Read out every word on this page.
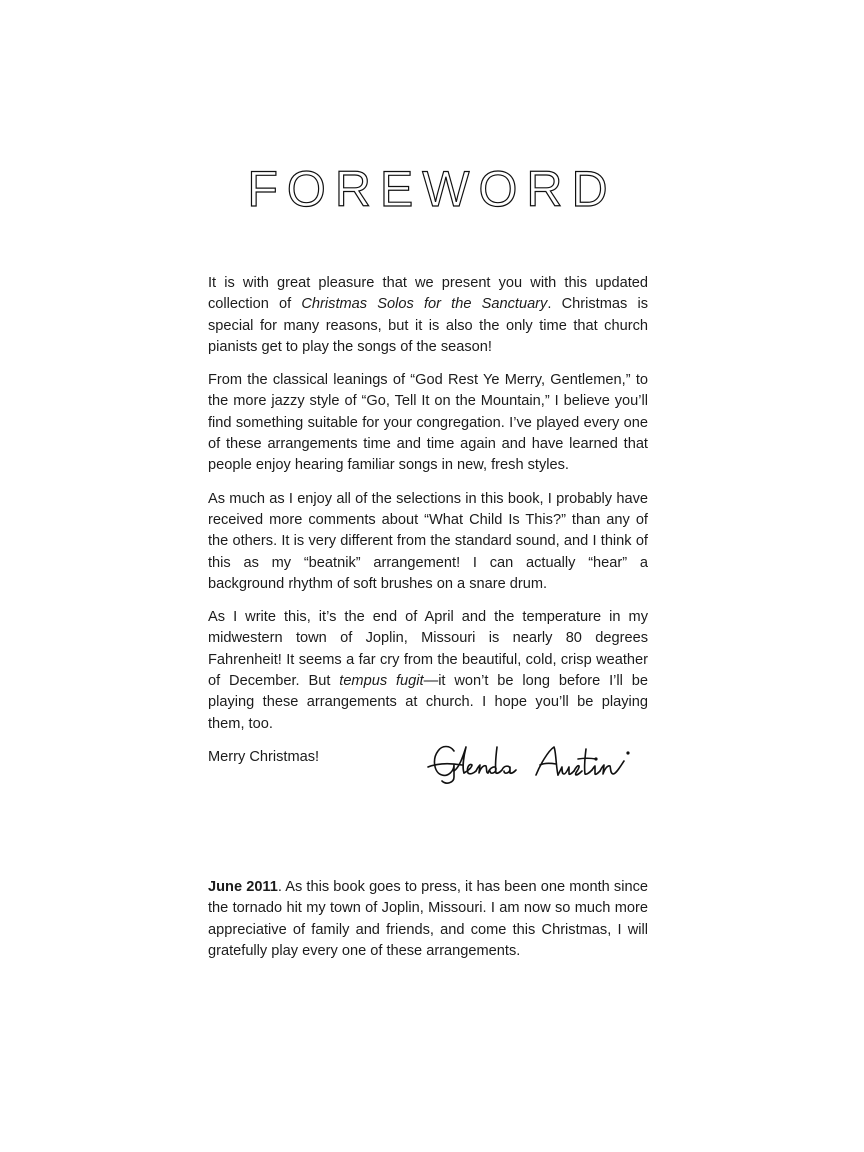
FOREWORD

It is with great pleasure that we present you with this updated collection of Christmas Solos for the Sanctuary. Christmas is special for many reasons, but it is also the only time that church pianists get to play the songs of the season!

From the classical leanings of “God Rest Ye Merry, Gentlemen,” to the more jazzy style of “Go, Tell It on the Mountain,” I believe you’ll find something suitable for your congregation. I’ve played every one of these arrangements time and time again and have learned that people enjoy hearing familiar songs in new, fresh styles.

As much as I enjoy all of the selections in this book, I probably have received more comments about “What Child Is This?” than any of the others. It is very different from the standard sound, and I think of this as my “beatnik” arrangement! I can actually “hear” a background rhythm of soft brushes on a snare drum.

As I write this, it’s the end of April and the temperature in my midwestern town of Joplin, Missouri is nearly 80 degrees Fahrenheit! It seems a far cry from the beautiful, cold, crisp weather of December. But tempus fugit—it won’t be long before I’ll be playing these arrangements at church. I hope you’ll be playing them, too.

Merry Christmas!

June 2011. As this book goes to press, it has been one month since the tornado hit my town of Joplin, Missouri. I am now so much more appreciative of family and friends, and come this Christmas, I will gratefully play every one of these arrangements.
